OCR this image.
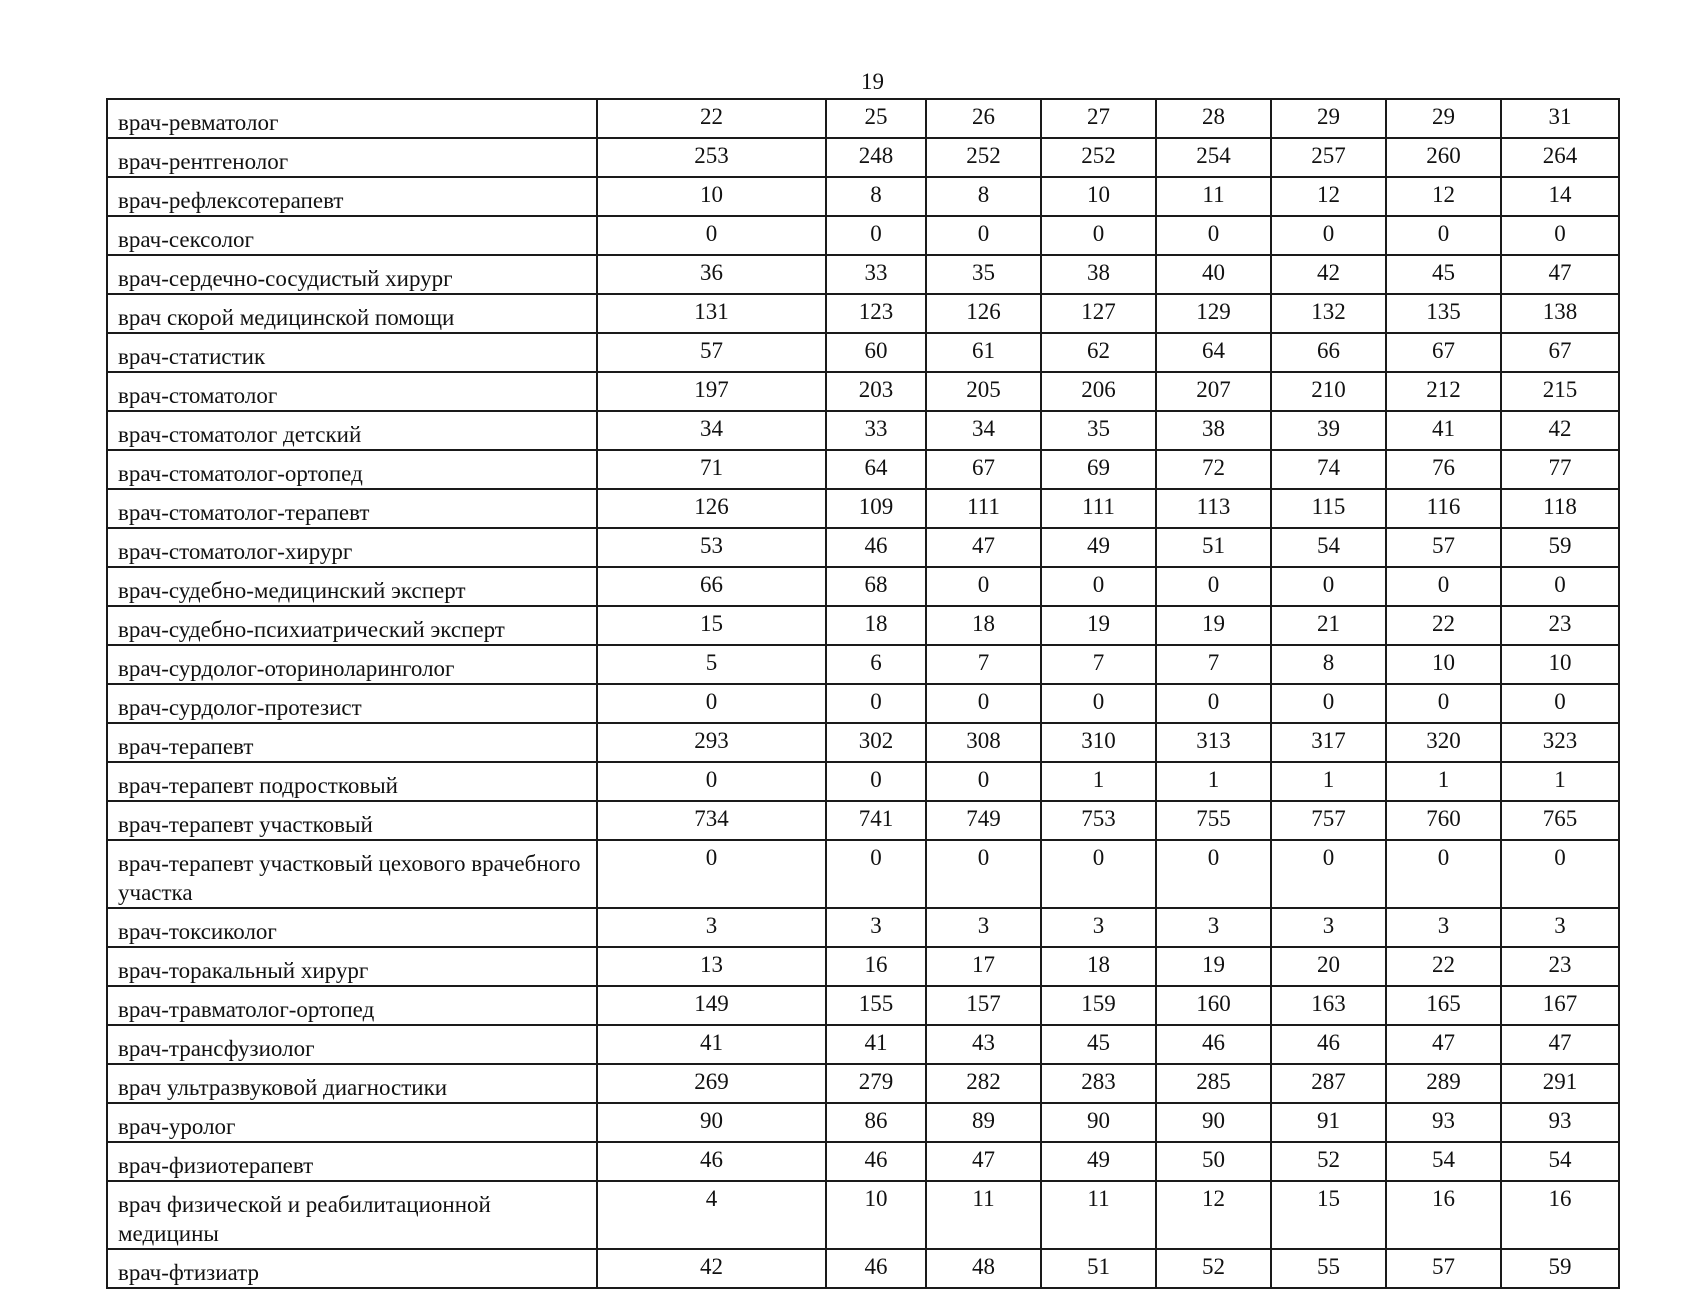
19
врач-ревматолог	22	25	26	27	28	29	29	31
врач-рентгенолог	253	248	252	252	254	257	260	264
врач-рефлексотерапевт	10	8	8	10	11	12	12	14
врач-сексолог	0	0	0	0	0	0	0	0
врач-сердечно-сосудистый хирург	36	33	35	38	40	42	45	47
врач скорой медицинской помощи	131	123	126	127	129	132	135	138
врач-статистик	57	60	61	62	64	66	67	67
врач-стоматолог	197	203	205	206	207	210	212	215
врач-стоматолог детский	34	33	34	35	38	39	41	42
врач-стоматолог-ортопед	71	64	67	69	72	74	76	77
врач-стоматолог-терапевт	126	109	111	111	113	115	116	118
врач-стоматолог-хирург	53	46	47	49	51	54	57	59
врач-судебно-медицинский эксперт	66	68	0	0	0	0	0	0
врач-судебно-психиатрический эксперт	15	18	18	19	19	21	22	23
врач-сурдолог-оториноларинголог	5	6	7	7	7	8	10	10
врач-сурдолог-протезист	0	0	0	0	0	0	0	0
врач-терапевт	293	302	308	310	313	317	320	323
врач-терапевт подростковый	0	0	0	1	1	1	1	1
врач-терапевт участковый	734	741	749	753	755	757	760	765
врач-терапевт участковый цехового врачебного участка	0	0	0	0	0	0	0	0
врач-токсиколог	3	3	3	3	3	3	3	3
врач-торакальный хирург	13	16	17	18	19	20	22	23
врач-травматолог-ортопед	149	155	157	159	160	163	165	167
врач-трансфузиолог	41	41	43	45	46	46	47	47
врач ультразвуковой диагностики	269	279	282	283	285	287	289	291
врач-уролог	90	86	89	90	90	91	93	93
врач-физиотерапевт	46	46	47	49	50	52	54	54
врач физической и реабилитационной медицины	4	10	11	11	12	15	16	16
врач-фтизиатр	42	46	48	51	52	55	57	59
